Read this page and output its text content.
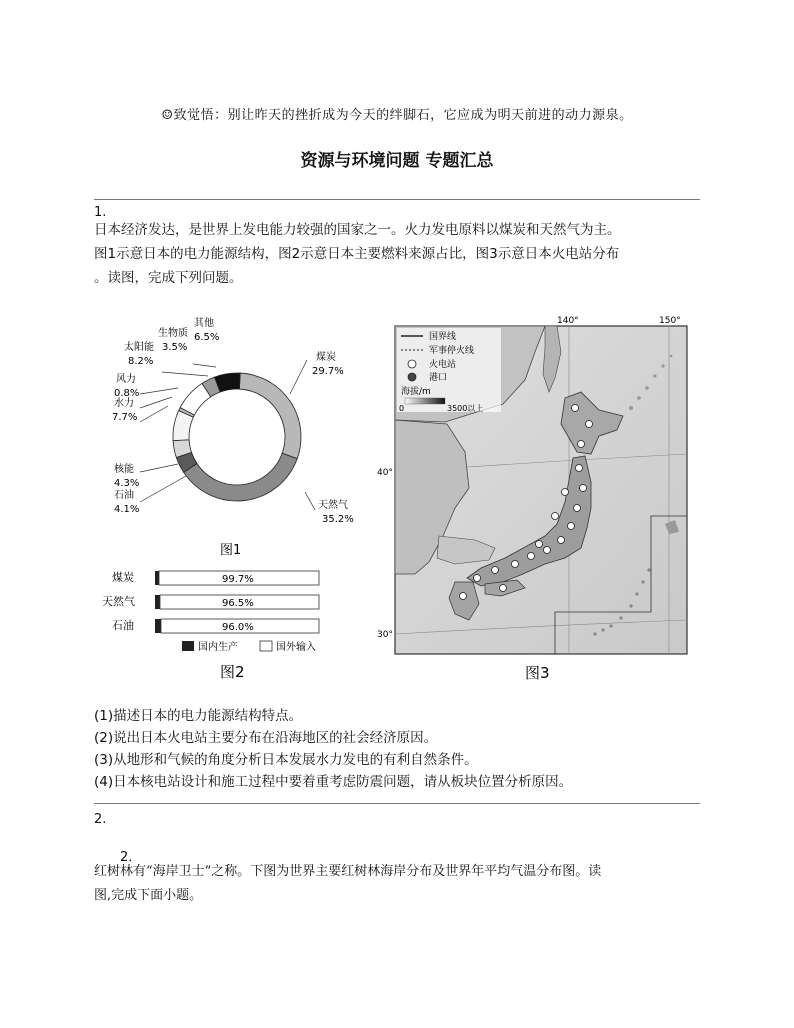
☺致觉悟：别让昨天的挫折成为今天的绊脚石，它应成为明天前进的动力源泉。
资源与环境问题 专题汇总
1.
日本经济发达，是世界上发电能力较强的国家之一。火力发电原料以煤炭和天然气为主。
图1示意日本的电力能源结构，图2示意日本主要燃料来源占比，图3示意日本火电站分布
。读图，完成下列问题。
煤炭
29.7%
天然气
35.2%
石油
4.1%
核能
4.3%
水力
7.7%
风力
0.8%
太阳能
8.2%
生物质
3.5%
其他
6.5%
图1
煤炭	99.7%
天然气	96.5%
石油	96.0%
国内生产	国外输入
图2
140°	150°
40°
30°
国界线
军事停火线
火电站
港口
海拔/m
0	3500以上
图3
(1)描述日本的电力能源结构特点。
(2)说出日本火电站主要分布在沿海地区的社会经济原因。
(3)从地形和气候的角度分析日本发展水力发电的有利自然条件。
(4)日本核电站设计和施工过程中要着重考虑防震问题，请从板块位置分析原因。
2.
2．
红树林有“海岸卫士”之称。下图为世界主要红树林海岸分布及世界年平均气温分布图。读
图,完成下面小题。
